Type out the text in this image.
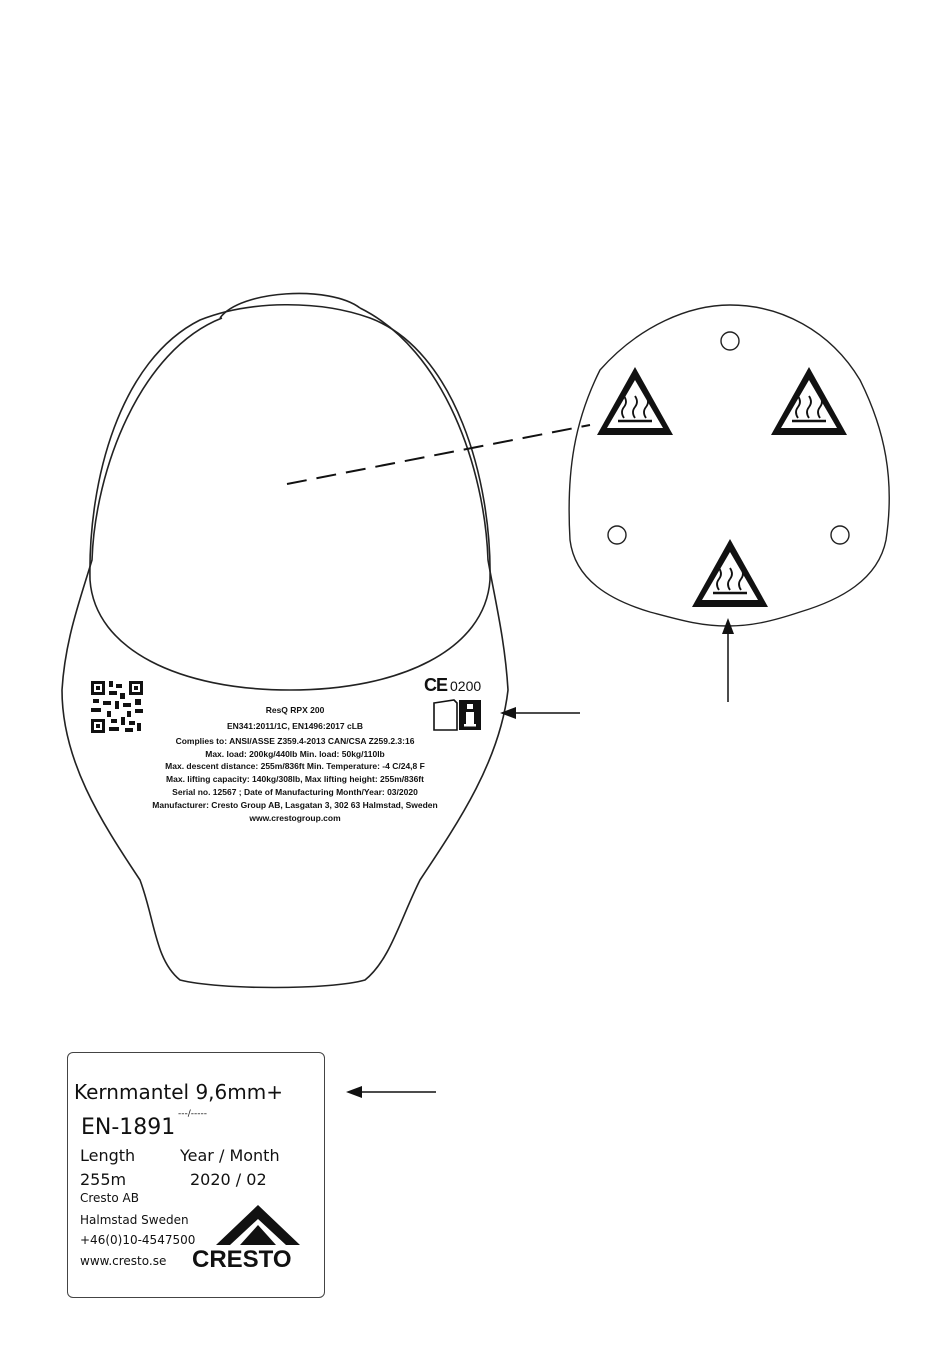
CE 0200
ResQ RPX 200
EN341:2011/1C, EN1496:2017 cLB
Complies to: ANSI/ASSE Z359.4-2013 CAN/CSA Z259.2.3:16
Max. load: 200kg/440lb Min. load: 50kg/110lb
Max. descent distance: 255m/836ft Min. Temperature: -4 C/24,8 F
Max. lifting capacity: 140kg/308lb, Max lifting height: 255m/836ft
Serial no. 12567 ; Date of Manufacturing Month/Year: 03/2020
Manufacturer: Cresto Group AB, Lasgatan 3, 302 63 Halmstad, Sweden
www.crestogroup.com
Kernmantel 9,6mm+
EN-1891
---/-----
Length	Year / Month
255m	2020 / 02
Cresto AB
Halmstad Sweden
+46(0)10-4547500
www.cresto.se CRESTO
